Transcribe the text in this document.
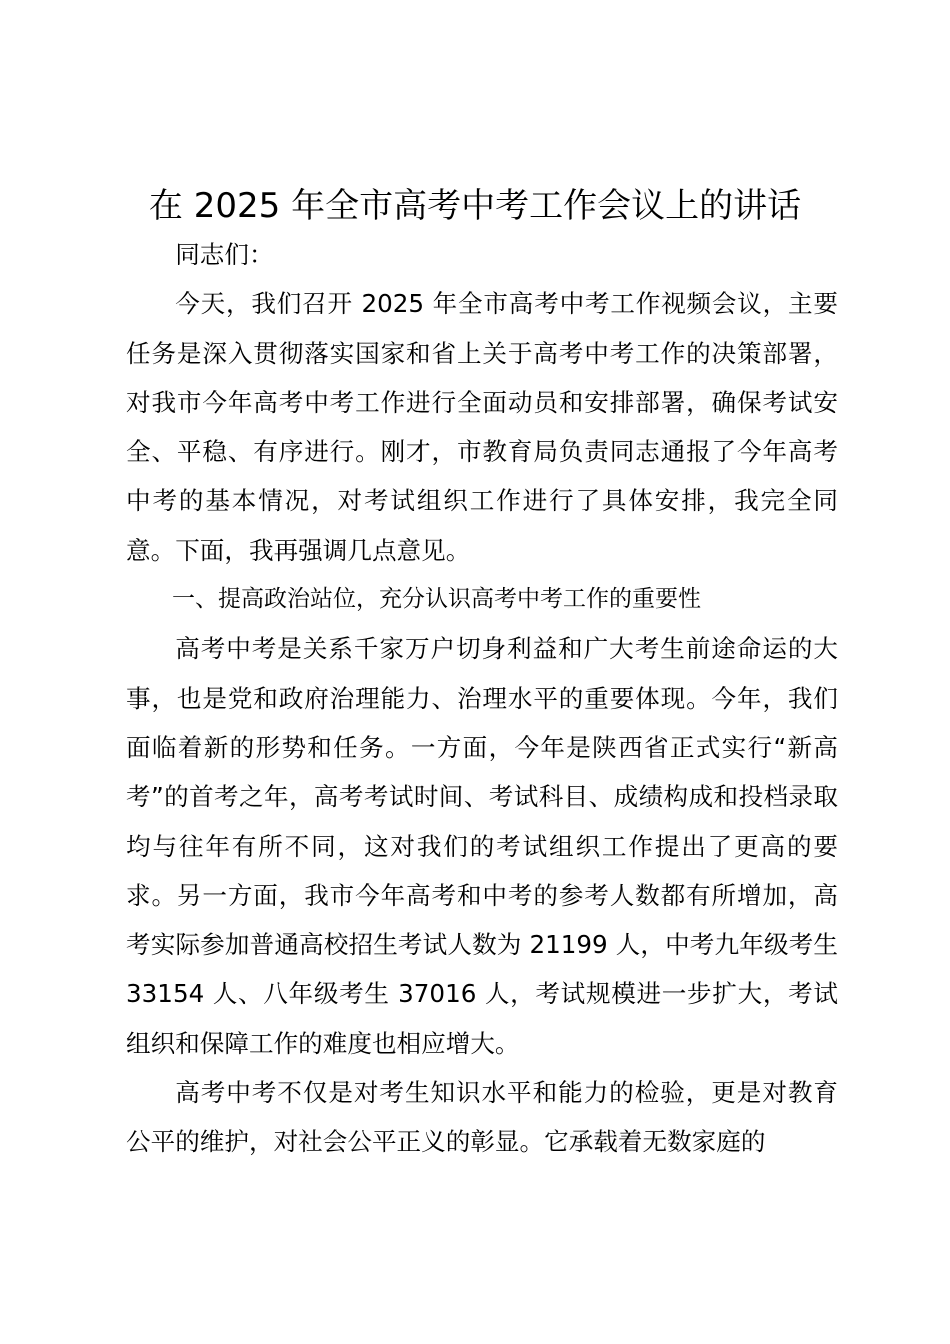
在 2025 年全市高考中考工作会议上的讲话

同志们：

今天，我们召开 2025 年全市高考中考工作视频会议，主要任务是深入贯彻落实国家和省上关于高考中考工作的决策部署，对我市今年高考中考工作进行全面动员和安排部署，确保考试安全、平稳、有序进行。刚才，市教育局负责同志通报了今年高考中考的基本情况，对考试组织工作进行了具体安排，我完全同意。下面，我再强调几点意见。

一、提高政治站位，充分认识高考中考工作的重要性

高考中考是关系千家万户切身利益和广大考生前途命运的大事，也是党和政府治理能力、治理水平的重要体现。今年，我们面临着新的形势和任务。一方面，今年是陕西省正式实行“新高考”的首考之年，高考考试时间、考试科目、成绩构成和投档录取均与往年有所不同，这对我们的考试组织工作提出了更高的要求。另一方面，我市今年高考和中考的参考人数都有所增加，高考实际参加普通高校招生考试人数为 21199 人，中考九年级考生 33154 人、八年级考生 37016 人，考试规模进一步扩大，考试组织和保障工作的难度也相应增大。

高考中考不仅是对考生知识水平和能力的检验，更是对教育公平的维护，对社会公平正义的彰显。它承载着无数家庭的
